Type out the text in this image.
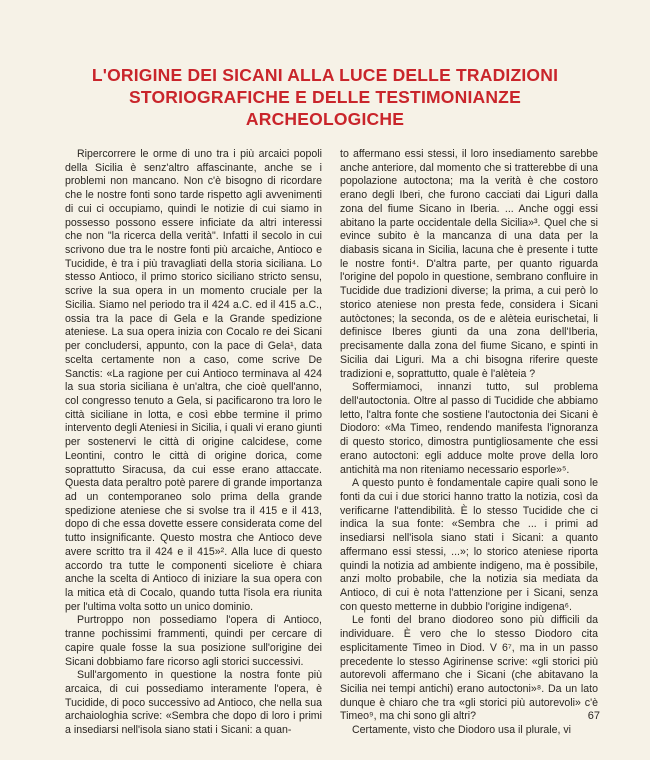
L'ORIGINE DEI SICANI ALLA LUCE DELLE TRADIZIONI
STORIOGRAFICHE E DELLE TESTIMONIANZE
ARCHEOLOGICHE

Ripercorrere le orme di uno tra i più arcaici popoli della Sicilia è senz'altro affascinante, anche se i problemi non mancano. Non c'è bisogno di ricordare che le nostre fonti sono tarde rispetto agli avvenimenti di cui ci occupiamo, quindi le notizie di cui siamo in possesso possono essere inficiate da altri interessi che non "la ricerca della verità". Infatti il secolo in cui scrivono due tra le nostre fonti più arcaiche, Antioco e Tucidide, è tra i più travagliati della storia siciliana. Lo stesso Antioco, il primo storico siciliano stricto sensu, scrive la sua opera in un momento cruciale per la Sicilia. Siamo nel periodo tra il 424 a.C. ed il 415 a.C., ossia tra la pace di Gela e la Grande spedizione ateniese. La sua opera inizia con Cocalo re dei Sicani per concludersi, appunto, con la pace di Gela¹, data scelta certamente non a caso, come scrive De Sanctis: «La ragione per cui Antioco terminava al 424 la sua storia siciliana è un'altra, che cioè quell'anno, col congresso tenuto a Gela, si pacificarono tra loro le città siciliane in lotta, e così ebbe termine il primo intervento degli Ateniesi in Sicilia, i quali vi erano giunti per sostenervi le città di origine calcidese, come Leontini, contro le città di origine dorica, come soprattutto Siracusa, da cui esse erano attaccate. Questa data peraltro potè parere di grande importanza ad un contemporaneo solo prima della grande spedizione ateniese che si svolse tra il 415 e il 413, dopo di che essa dovette essere considerata come del tutto insignificante. Questo mostra che Antioco deve avere scritto tra il 424 e il 415»². Alla luce di questo accordo tra tutte le componenti sicelioте è chiara anche la scelta di Antioco di iniziare la sua opera con la mitica età di Cocalo, quando tutta l'isola era riunita per l'ultima volta sotto un unico dominio.

Purtroppo non possediamo l'opera di Antioco, tranne pochissimi frammenti, quindi per cercare di capire quale fosse la sua posizione sull'origine dei Sicani dobbiamo fare ricorso agli storici successivi.

Sull'argomento in questione la nostra fonte più arcaica, di cui possediamo interamente l'opera, è Tucidide, di poco successivo ad Antioco, che nella sua archaiologhia scrive: «Sembra che dopo di loro i primi a insediarsi nell'isola siano stati i Sicani: a quan-

to affermano essi stessi, il loro insediamento sarebbe anche anteriore, dal momento che si tratterebbe di una popolazione autoctona; ma la verità è che costoro erano degli Iberi, che furono cacciati dai Liguri dalla zona del fiume Sicano in Iberia. ... Anche oggi essi abitano la parte occidentale della Sicilia»³. Quel che si evince subito è la mancanza di una data per la diabasis sicana in Sicilia, lacuna che è presente i tutte le nostre fonti⁴. D'altra parte, per quanto riguarda l'origine del popolo in questione, sembrano confluire in Tucidide due tradizioni diverse; la prima, a cui però lo storico ateniese non presta fede, considera i Sicani autòctones; la seconda, os de e alèteia eurischetai, li definisce Iberes giunti da una zona dell'Iberia, precisamente dalla zona del fiume Sicano, e spinti in Sicilia dai Liguri. Ma a chi bisogna riferire queste tradizioni e, soprattutto, quale è l'alèteia ?

Soffermiamoci, innanzi tutto, sul problema dell'autoctonia. Oltre al passo di Tucidide che abbiamo letto, l'altra fonte che sostiene l'autoctonia dei Sicani è Diodoro: «Ma Timeo, rendendo manifesta l'ignoranza di questo storico, dimostra puntigliosamente che essi erano autoctoni: egli adduce molte prove della loro antichità ma non riteniamo necessario esporle»⁵.

A questo punto è fondamentale capire quali sono le fonti da cui i due storici hanno tratto la notizia, così da verificarne l'attendibilità. È lo stesso Tucidide che ci indica la sua fonte: «Sembra che ... i primi ad insediarsi nell'isola siano stati i Sicani: a quanto affermano essi stessi, ...»; lo storico ateniese riporta quindi la notizia ad ambiente indigeno, ma è possibile, anzi molto probabile, che la notizia sia mediata da Antioco, di cui è nota l'attenzione per i Sicani, senza con questo metterne in dubbio l'origine indigena⁶.

Le fonti del brano diodoreo sono più difficili da individuare. È vero che lo stesso Diodoro cita esplicitamente Timeo in Diod. V 6⁷, ma in un passo precedente lo stesso Agirinense scrive: «gli storici più autorevoli affermano che i Sicani (che abitavano la Sicilia nei tempi antichi) erano autoctoni»⁸. Da un lato dunque è chiaro che tra «gli storici più autorevoli» c'è Timeo⁹, ma chi sono gli altri?

Certamente, visto che Diodoro usa il plurale, vi

67
